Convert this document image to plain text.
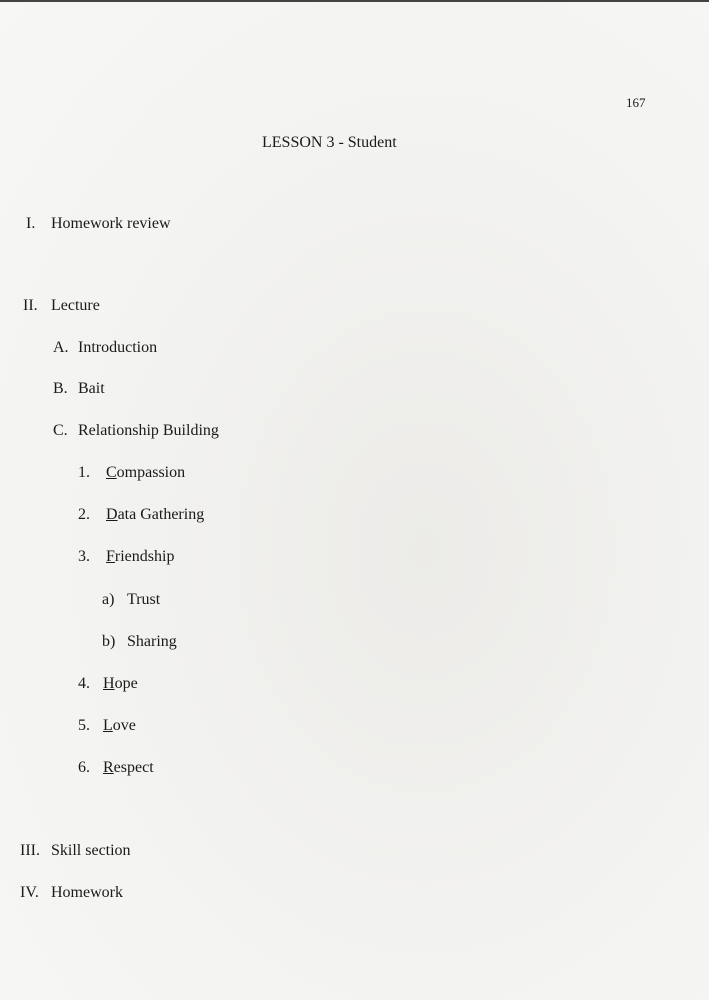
167
LESSON 3 - Student
I. Homework review
II. Lecture
A. Introduction
B. Bait
C. Relationship Building
1.	Compassion
2.	Data Gathering
3.	Friendship
a) Trust
b) Sharing
4. Hope
5. Love
6. Respect
III. Skill section
IV. Homework
